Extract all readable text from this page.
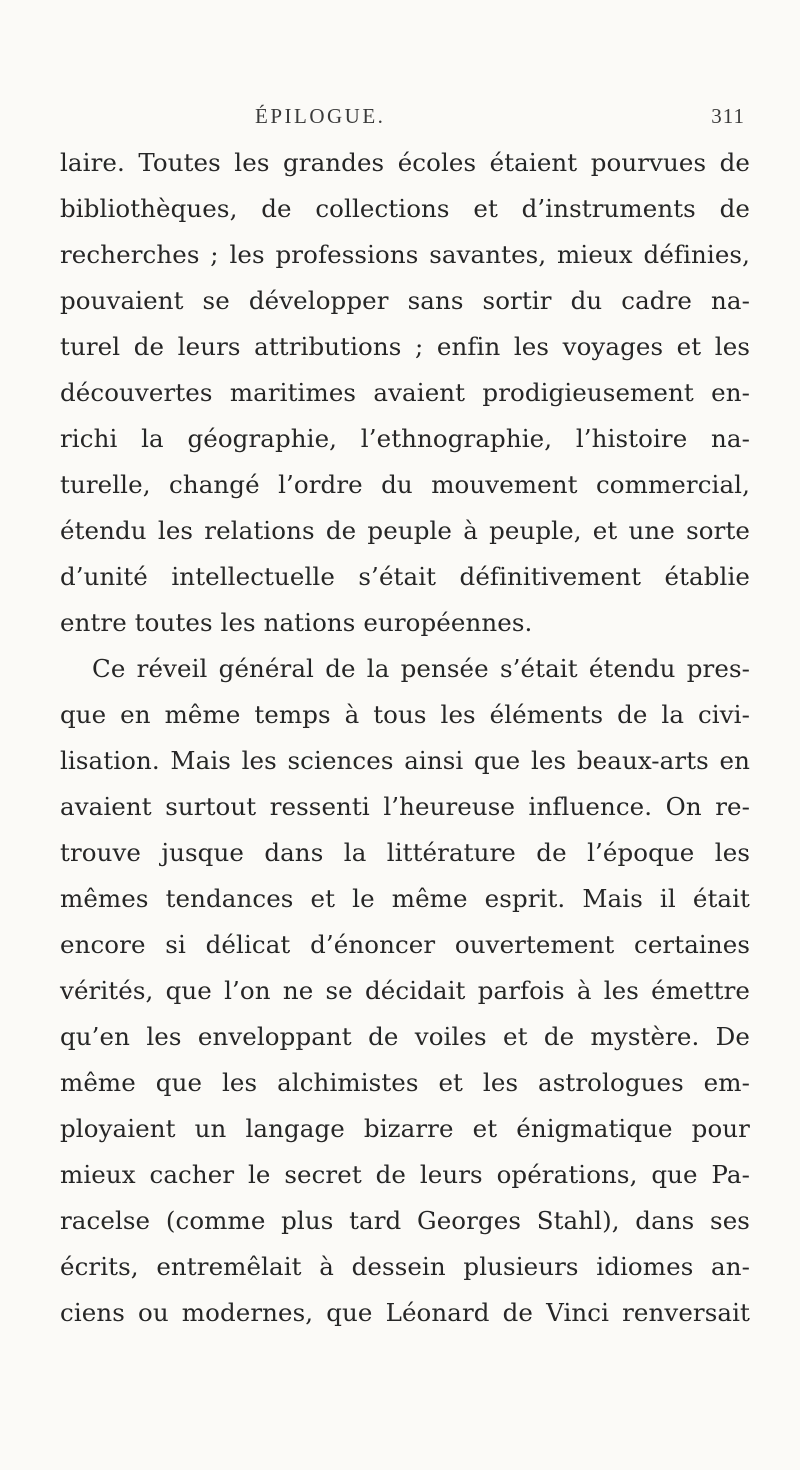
ÉPILOGUE.	311
laire. Toutes les grandes écoles étaient pourvues de
bibliothèques, de collections et d’instruments de
recherches ; les professions savantes, mieux définies,
pouvaient se développer sans sortir du cadre na-
turel de leurs attributions ; enfin les voyages et les
découvertes maritimes avaient prodigieusement en-
richi la géographie, l’ethnographie, l’histoire na-
turelle, changé l’ordre du mouvement commercial,
étendu les relations de peuple à peuple, et une sorte
d’unité intellectuelle s’était définitivement établie
entre toutes les nations européennes.
Ce réveil général de la pensée s’était étendu pres-
que en même temps à tous les éléments de la civi-
lisation. Mais les sciences ainsi que les beaux-arts en
avaient surtout ressenti l’heureuse influence. On re-
trouve jusque dans la littérature de l’époque les
mêmes tendances et le même esprit. Mais il était
encore si délicat d’énoncer ouvertement certaines
vérités, que l’on ne se décidait parfois à les émettre
qu’en les enveloppant de voiles et de mystère. De
même que les alchimistes et les astrologues em-
ployaient un langage bizarre et énigmatique pour
mieux cacher le secret de leurs opérations, que Pa-
racelse (comme plus tard Georges Stahl), dans ses
écrits, entremêlait à dessein plusieurs idiomes an-
ciens ou modernes, que Léonard de Vinci renversait
